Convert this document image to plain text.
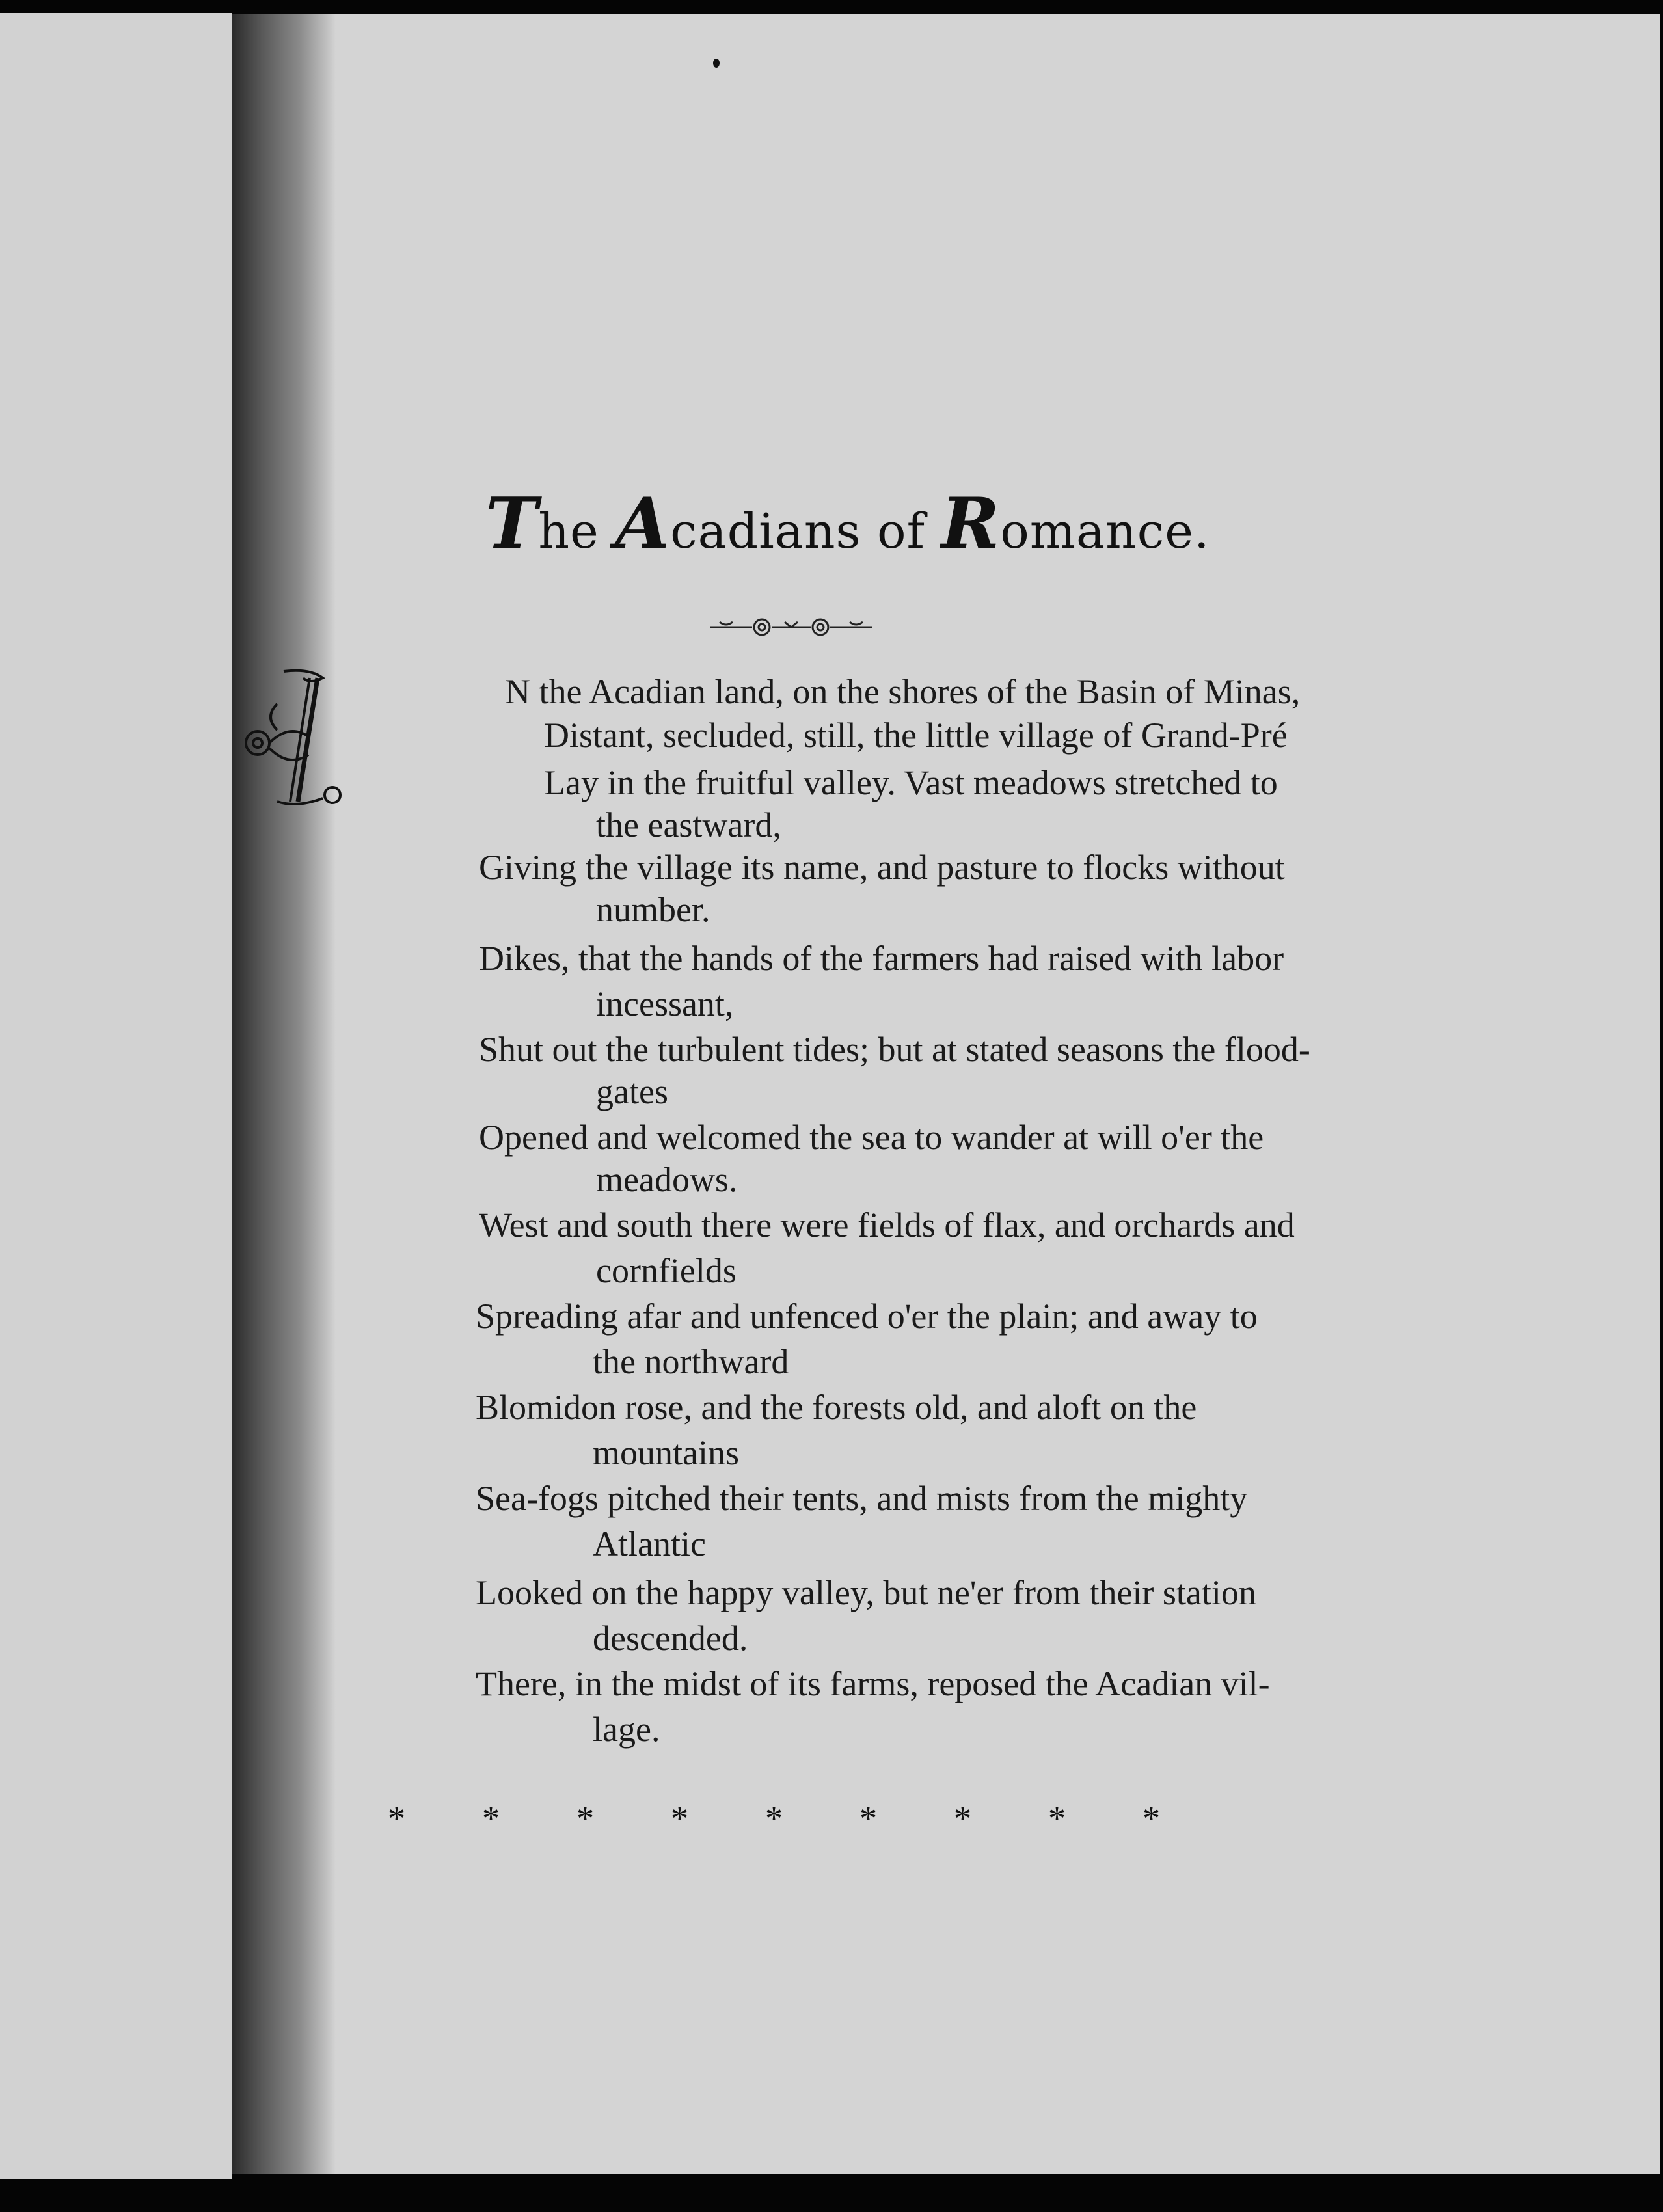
The Acadians of Romance.
N the Acadian land, on the shores of the Basin of Minas,
Distant, secluded, still, the little village of Grand-Pré
Lay in the fruitful valley. Vast meadows stretched to
the eastward,
Giving the village its name, and pasture to flocks without
number.
Dikes, that the hands of the farmers had raised with labor
incessant,
Shut out the turbulent tides; but at stated seasons the flood-
gates
Opened and welcomed the sea to wander at will o'er the
meadows.
West and south there were fields of flax, and orchards and
cornfields
Spreading afar and unfenced o'er the plain; and away to
the northward
Blomidon rose, and the forests old, and aloft on the
mountains
Sea-fogs pitched their tents, and mists from the mighty
Atlantic
Looked on the happy valley, but ne'er from their station
descended.
There, in the midst of its farms, reposed the Acadian vil-
lage.
* * * * * * * * *
